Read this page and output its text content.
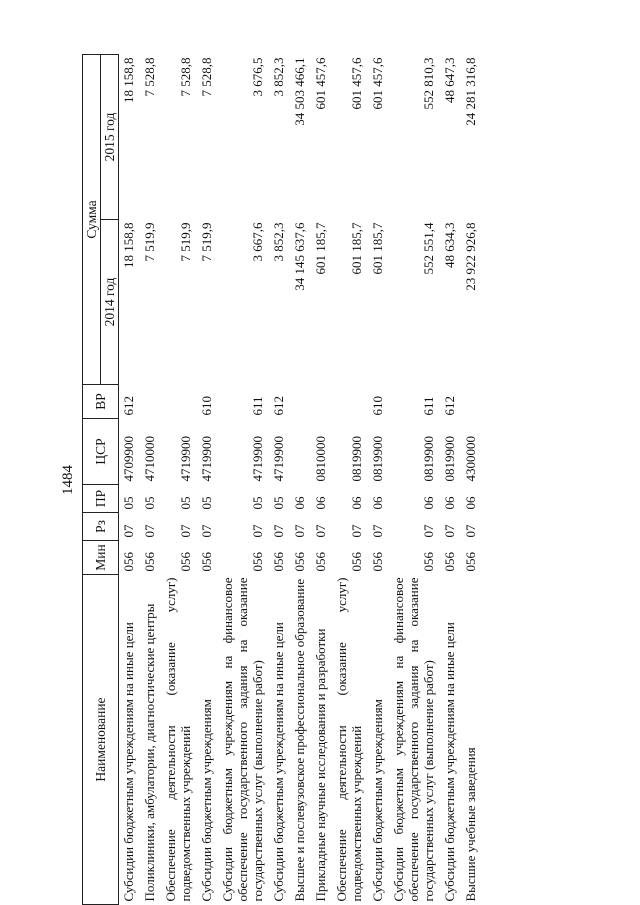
1484
Наименование	Мин	Рз	ПР	ЦСР	ВР	Сумма	
						2014 год	2015 год
Субсидии бюджетным учреждениям на иные цели	056	07	05	4709900	612	18 158,8	18 158,8
Поликлиники, амбулатории, диагностические центры	056	07	05	4710000		7 519,9	7 528,8
Обеспечение деятельности (оказание услуг) подведомственных учреждений	056	07	05	4719900		7 519,9	7 528,8
Субсидии бюджетным учреждениям	056	07	05	4719900	610	7 519,9	7 528,8
Субсидии бюджетным учреждениям на финансовое обеспечение государственного задания на оказание государственных услуг (выполнение работ)	056	07	05	4719900	611	3 667,6	3 676,5
Субсидии бюджетным учреждениям на иные цели	056	07	05	4719900	612	3 852,3	3 852,3
Высшее и послевузовское профессиональное образование	056	07	06			34 145 637,6	34 503 466,1
Прикладные научные исследования и разработки	056	07	06	0810000		601 185,7	601 457,6
Обеспечение деятельности (оказание услуг) подведомственных учреждений	056	07	06	0819900		601 185,7	601 457,6
Субсидии бюджетным учреждениям	056	07	06	0819900	610	601 185,7	601 457,6
Субсидии бюджетным учреждениям на финансовое обеспечение государственного задания на оказание государственных услуг (выполнение работ)	056	07	06	0819900	611	552 551,4	552 810,3
Субсидии бюджетным учреждениям на иные цели	056	07	06	0819900	612	48 634,3	48 647,3
Высшие учебные заведения	056	07	06	4300000		23 922 926,8	24 281 316,8
